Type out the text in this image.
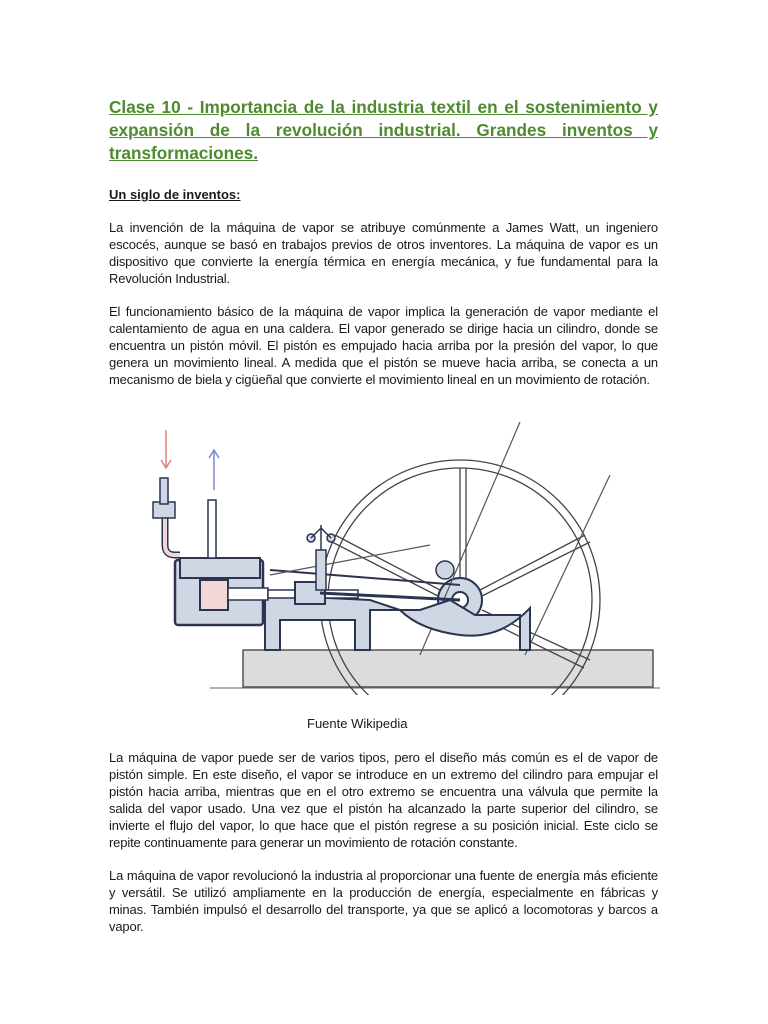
Clase 10 - Importancia de la industria textil en el sostenimiento y expansión de la revolución industrial. Grandes inventos y transformaciones.
Un siglo de inventos:

La invención de la máquina de vapor se atribuye comúnmente a James Watt, un ingeniero escocés, aunque se basó en trabajos previos de otros inventores. La máquina de vapor es un dispositivo que convierte la energía térmica en energía mecánica, y fue fundamental para la Revolución Industrial.

El funcionamiento básico de la máquina de vapor implica la generación de vapor mediante el calentamiento de agua en una caldera. El vapor generado se dirige hacia un cilindro, donde se encuentra un pistón móvil. El pistón es empujado hacia arriba por la presión del vapor, lo que genera un movimiento lineal. A medida que el pistón se mueve hacia arriba, se conecta a un mecanismo de biela y cigüeñal que convierte el movimiento lineal en un movimiento de rotación.

Fuente Wikipedia

La máquina de vapor puede ser de varios tipos, pero el diseño más común es el de vapor de pistón simple. En este diseño, el vapor se introduce en un extremo del cilindro para empujar el pistón hacia arriba, mientras que en el otro extremo se encuentra una válvula que permite la salida del vapor usado. Una vez que el pistón ha alcanzado la parte superior del cilindro, se invierte el flujo del vapor, lo que hace que el pistón regrese a su posición inicial. Este ciclo se repite continuamente para generar un movimiento de rotación constante.

La máquina de vapor revolucionó la industria al proporcionar una fuente de energía más eficiente y versátil. Se utilizó ampliamente en la producción de energía, especialmente en fábricas y minas. También impulsó el desarrollo del transporte, ya que se aplicó a locomotoras y barcos a vapor.
